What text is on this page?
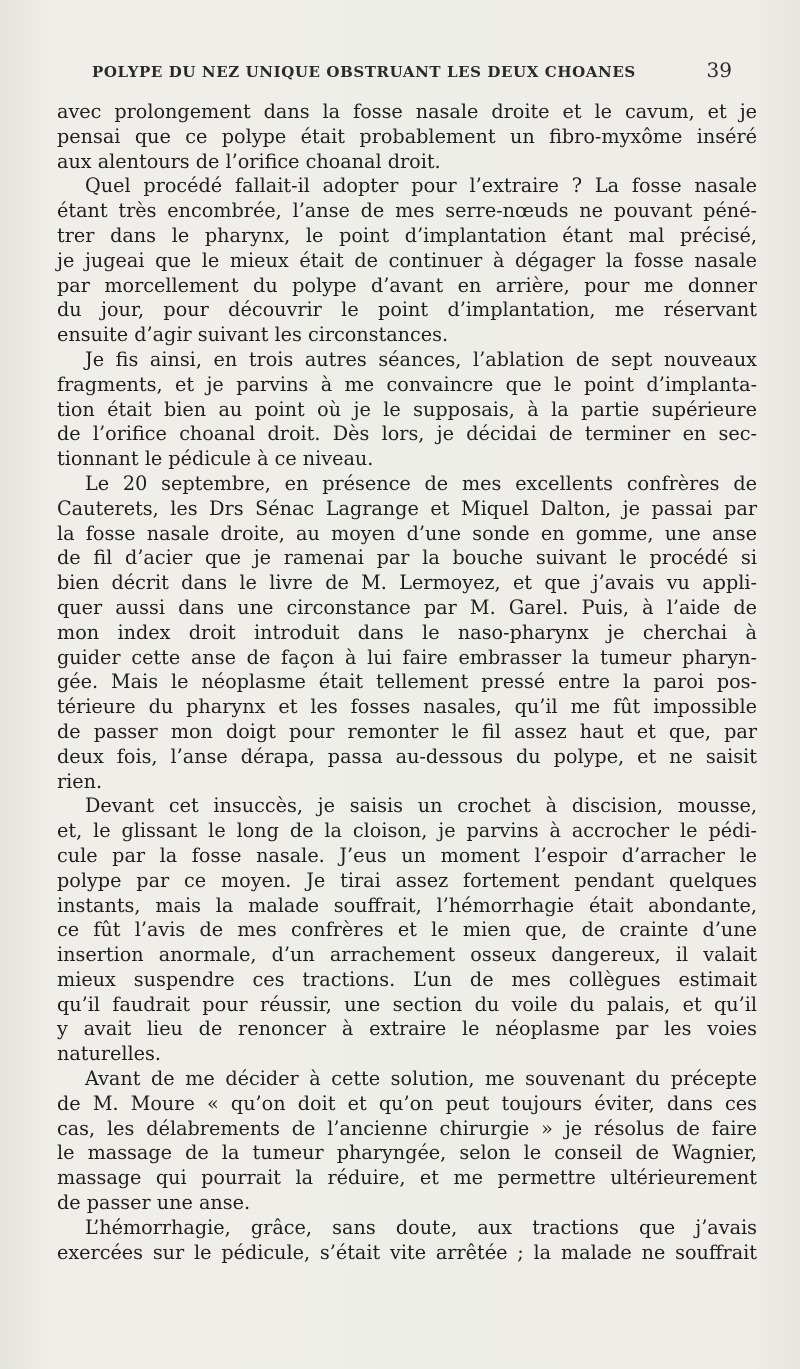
POLYPE DU NEZ UNIQUE OBSTRUANT LES DEUX CHOANES	39
avec prolongement dans la fosse nasale droite et le cavum, et je
pensai que ce polype était probablement un fibro-myxôme inséré
aux alentours de l’orifice choanal droit.
Quel procédé fallait-il adopter pour l’extraire ? La fosse nasale
étant très encombrée, l’anse de mes serre-nœuds ne pouvant péné-
trer dans le pharynx, le point d’implantation étant mal précisé,
je jugeai que le mieux était de continuer à dégager la fosse nasale
par morcellement du polype d’avant en arrière, pour me donner
du jour, pour découvrir le point d’implantation, me réservant
ensuite d’agir suivant les circonstances.
Je fis ainsi, en trois autres séances, l’ablation de sept nouveaux
fragments, et je parvins à me convaincre que le point d’implanta-
tion était bien au point où je le supposais, à la partie supérieure
de l’orifice choanal droit. Dès lors, je décidai de terminer en sec-
tionnant le pédicule à ce niveau.
Le 20 septembre, en présence de mes excellents confrères de
Cauterets, les Drs Sénac Lagrange et Miquel Dalton, je passai par
la fosse nasale droite, au moyen d’une sonde en gomme, une anse
de fil d’acier que je ramenai par la bouche suivant le procédé si
bien décrit dans le livre de M. Lermoyez, et que j’avais vu appli-
quer aussi dans une circonstance par M. Garel. Puis, à l’aide de
mon index droit introduit dans le naso-pharynx je cherchai à
guider cette anse de façon à lui faire embrasser la tumeur pharyn-
gée. Mais le néoplasme était tellement pressé entre la paroi pos-
térieure du pharynx et les fosses nasales, qu’il me fût impossible
de passer mon doigt pour remonter le fil assez haut et que, par
deux fois, l’anse dérapa, passa au-dessous du polype, et ne saisit
rien.
Devant cet insuccès, je saisis un crochet à discision, mousse,
et, le glissant le long de la cloison, je parvins à accrocher le pédi-
cule par la fosse nasale. J’eus un moment l’espoir d’arracher le
polype par ce moyen. Je tirai assez fortement pendant quelques
instants, mais la malade souffrait, l’hémorrhagie était abondante,
ce fût l’avis de mes confrères et le mien que, de crainte d’une
insertion anormale, d’un arrachement osseux dangereux, il valait
mieux suspendre ces tractions. L’un de mes collègues estimait
qu’il faudrait pour réussir, une section du voile du palais, et qu’il
y avait lieu de renoncer à extraire le néoplasme par les voies
naturelles.
Avant de me décider à cette solution, me souvenant du précepte
de M. Moure « qu’on doit et qu’on peut toujours éviter, dans ces
cas, les délabrements de l’ancienne chirurgie » je résolus de faire
le massage de la tumeur pharyngée, selon le conseil de Wagnier,
massage qui pourrait la réduire, et me permettre ultérieurement
de passer une anse.
L’hémorrhagie, grâce, sans doute, aux tractions que j’avais
exercées sur le pédicule, s’était vite arrêtée ; la malade ne souffrait
